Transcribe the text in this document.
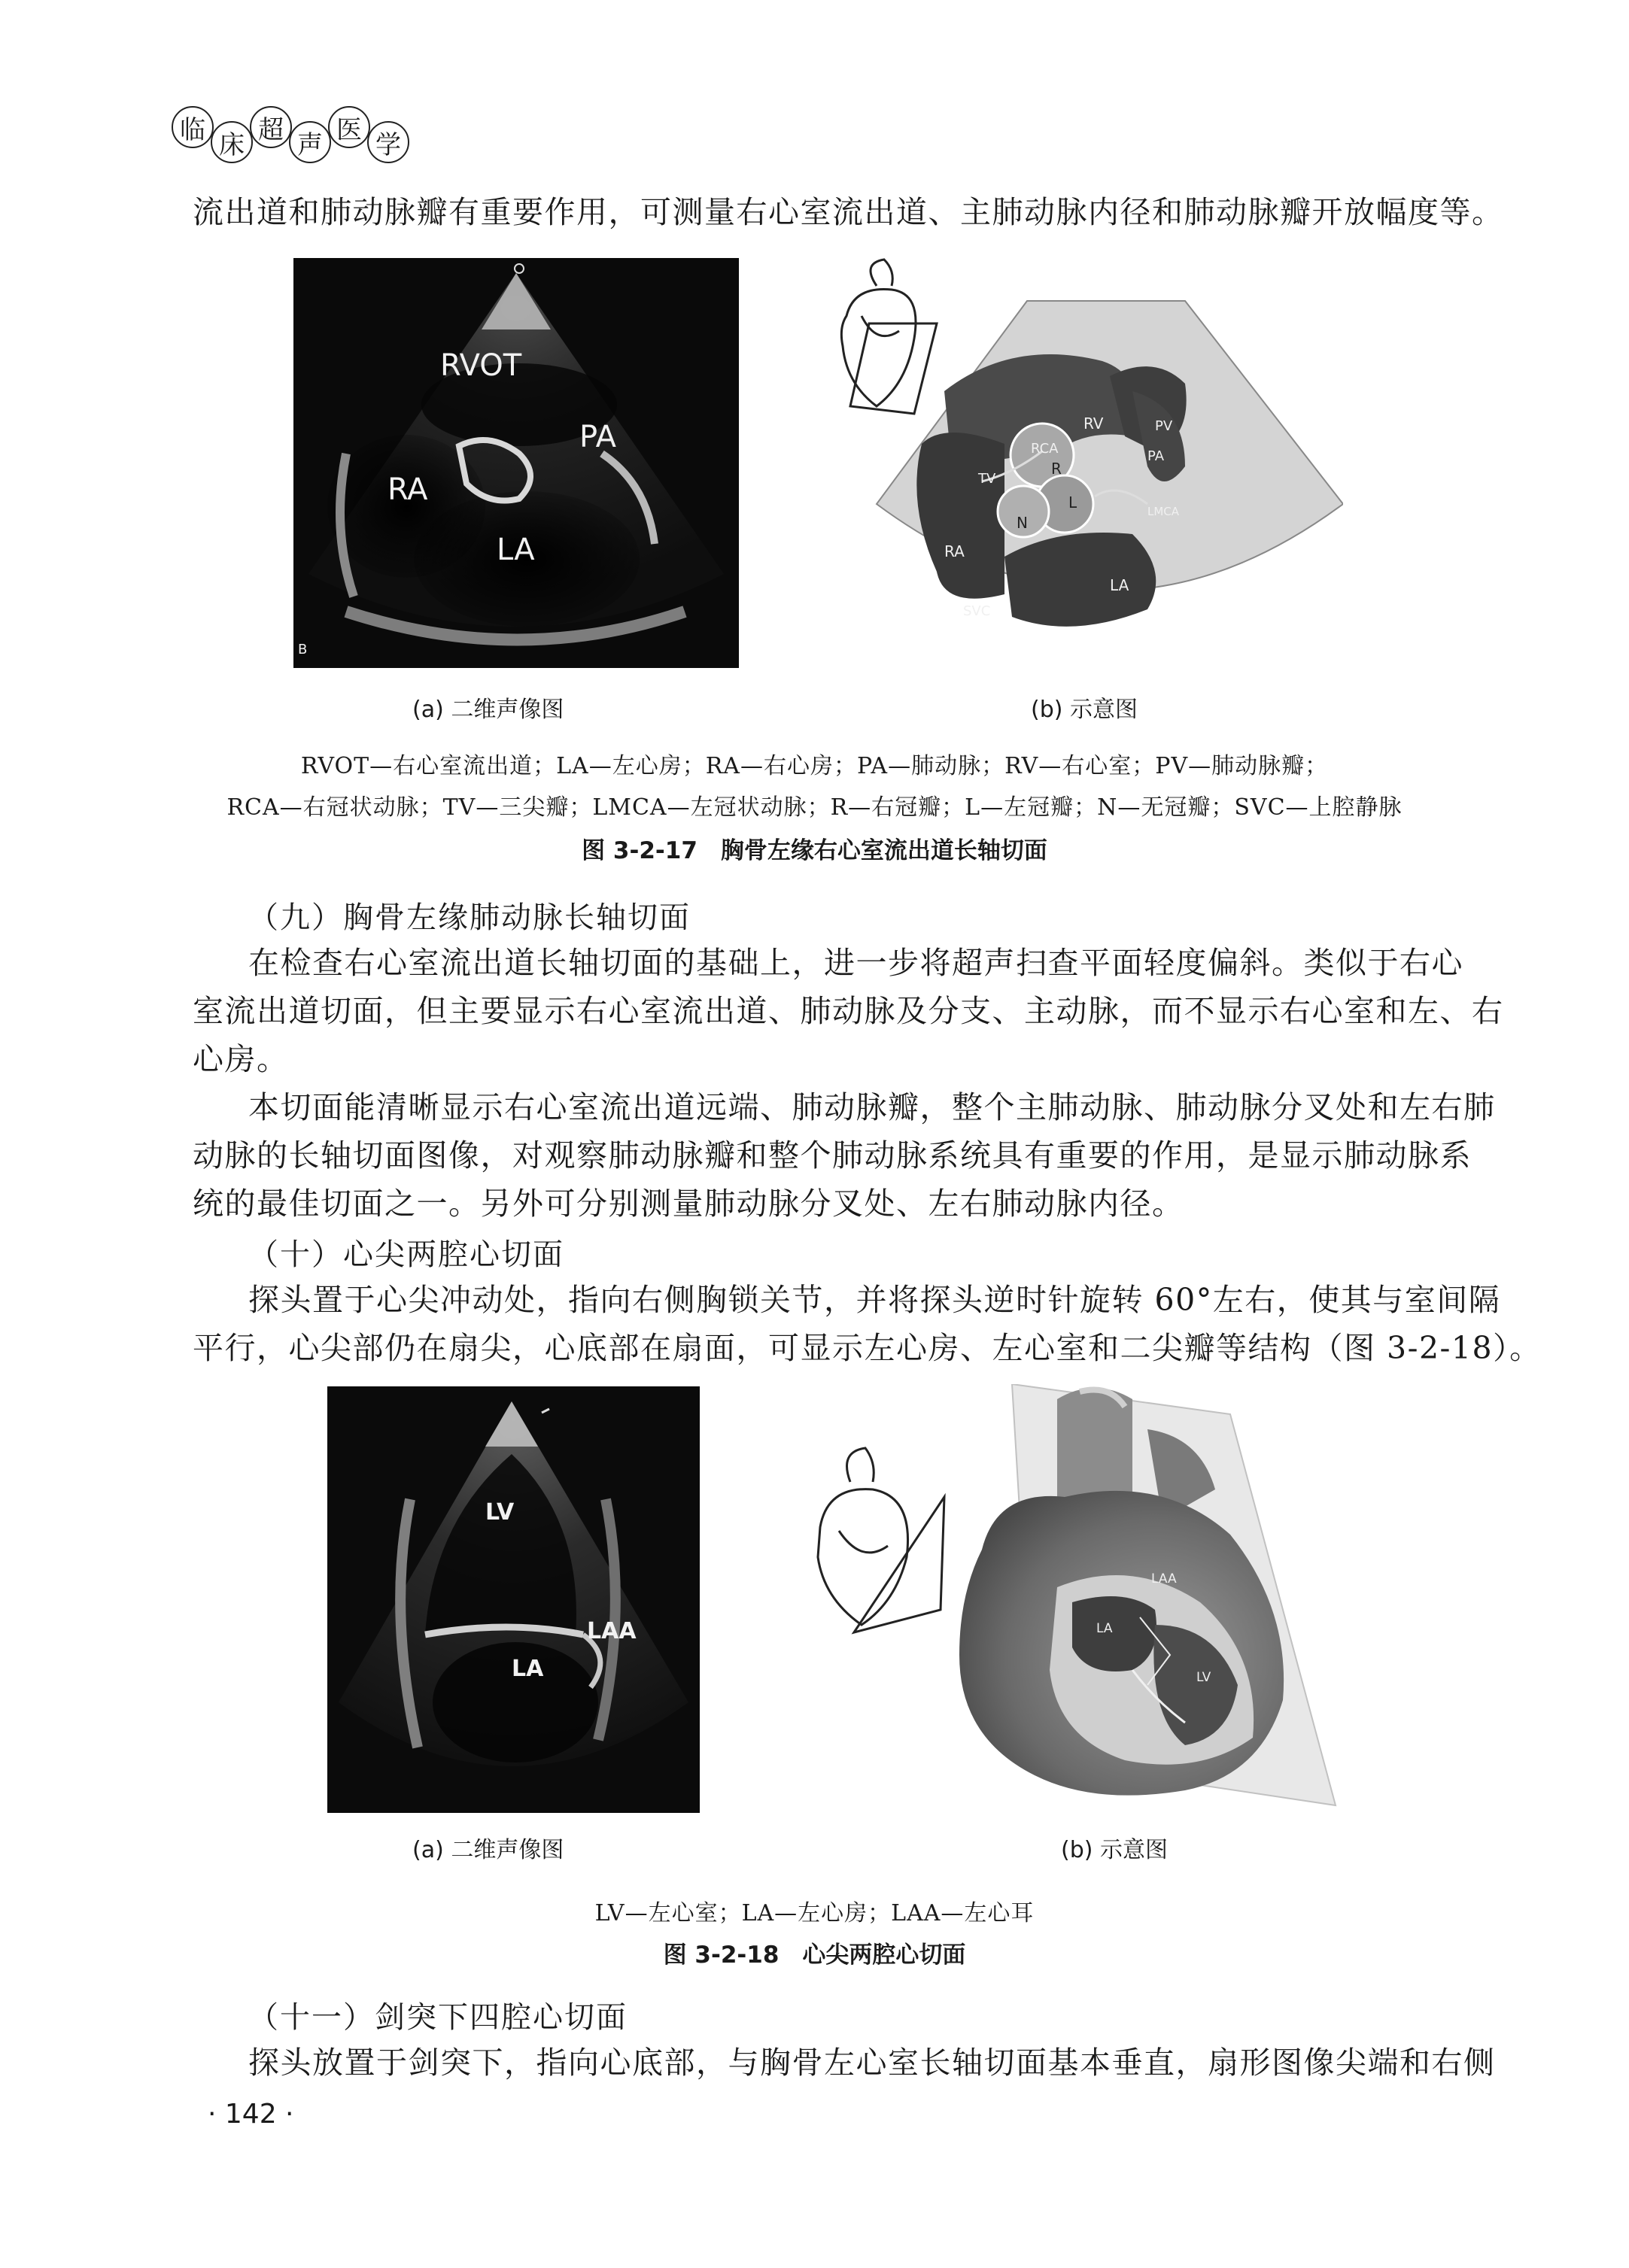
临 床 超 声 医 学
流出道和肺动脉瓣有重要作用，可测量右心室流出道、主肺动脉内径和肺动脉瓣开放幅度等。
RVOT
PA
RA
LA
B
RV	PV
PA
RCA
R
L
N
TV
LMCA
RA
LA
SVC
(a) 二维声像图	(b) 示意图
RVOT—右心室流出道；LA—左心房；RA—右心房；PA—肺动脉；RV—右心室；PV—肺动脉瓣；
RCA—右冠状动脉；TV—三尖瓣；LMCA—左冠状动脉；R—右冠瓣；L—左冠瓣；N—无冠瓣；SVC—上腔静脉
图 3-2-17　胸骨左缘右心室流出道长轴切面
（九）胸骨左缘肺动脉长轴切面
在检查右心室流出道长轴切面的基础上，进一步将超声扫查平面轻度偏斜。类似于右心
室流出道切面，但主要显示右心室流出道、肺动脉及分支、主动脉，而不显示右心室和左、右
心房。
本切面能清晰显示右心室流出道远端、肺动脉瓣，整个主肺动脉、肺动脉分叉处和左右肺
动脉的长轴切面图像，对观察肺动脉瓣和整个肺动脉系统具有重要的作用，是显示肺动脉系
统的最佳切面之一。另外可分别测量肺动脉分叉处、左右肺动脉内径。
（十）心尖两腔心切面
探头置于心尖冲动处，指向右侧胸锁关节，并将探头逆时针旋转 60°左右，使其与室间隔
平行，心尖部仍在扇尖，心底部在扇面，可显示左心房、左心室和二尖瓣等结构（图 3-2-18）。
LV
LAA
LA
LAA
LA
LV
(a) 二维声像图	(b) 示意图
LV—左心室；LA—左心房；LAA—左心耳
图 3-2-18　心尖两腔心切面
（十一）剑突下四腔心切面
探头放置于剑突下，指向心底部，与胸骨左心室长轴切面基本垂直，扇形图像尖端和右侧
· 142 ·
